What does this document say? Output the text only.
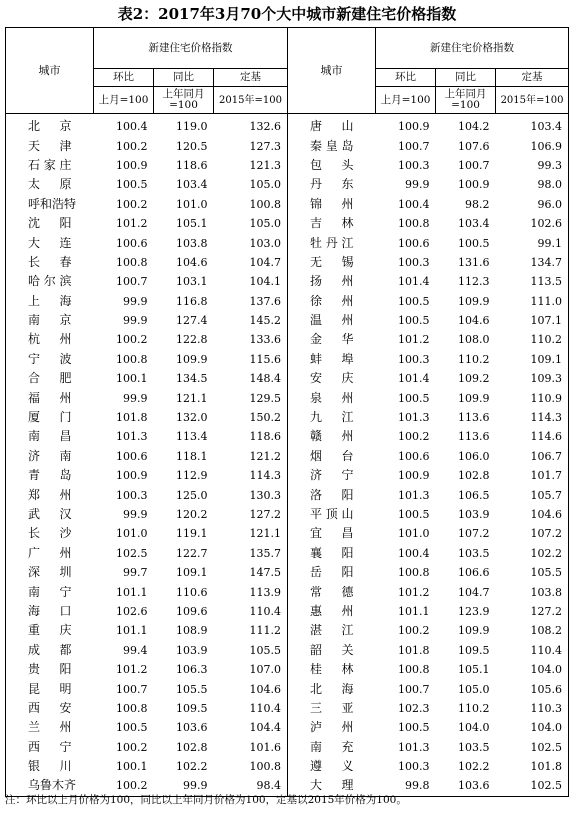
表2：2017年3月70个大中城市新建住宅价格指数
城市	新建住宅价格指数			城市	新建住宅价格指数		
	环比	同比	定基		环比	同比	定基
	上月=100	上年同月=100	2015年=100		上月=100	上年同月=100	2015年=100
北京	100.4	119.0	132.6	唐山	100.9	104.2	103.4
天津	100.2	120.5	127.3	秦皇岛	100.7	107.6	106.9
石家庄	100.9	118.6	121.3	包头	100.3	100.7	99.3
太原	100.5	103.4	105.0	丹东	99.9	100.9	98.0
呼和浩特	100.2	101.0	100.8	锦州	100.4	98.2	96.0
沈阳	101.2	105.1	105.0	吉林	100.8	103.4	102.6
大连	100.6	103.8	103.0	牡丹江	100.6	100.5	99.1
长春	100.8	104.6	104.7	无锡	100.3	131.6	134.7
哈尔滨	100.7	103.1	104.1	扬州	101.4	112.3	113.5
上海	99.9	116.8	137.6	徐州	100.5	109.9	111.0
南京	99.9	127.4	145.2	温州	100.5	104.6	107.1
杭州	100.2	122.8	133.6	金华	101.2	108.0	110.2
宁波	100.8	109.9	115.6	蚌埠	100.3	110.2	109.1
合肥	100.1	134.5	148.4	安庆	101.4	109.2	109.3
福州	99.9	121.1	129.5	泉州	100.5	109.9	110.9
厦门	101.8	132.0	150.2	九江	101.3	113.6	114.3
南昌	101.3	113.4	118.6	赣州	100.2	113.6	114.6
济南	100.6	118.1	121.2	烟台	100.6	106.0	106.7
青岛	100.9	112.9	114.3	济宁	100.9	102.8	101.7
郑州	100.3	125.0	130.3	洛阳	101.3	106.5	105.7
武汉	99.9	120.2	127.2	平顶山	100.5	103.9	104.6
长沙	101.0	119.1	121.1	宜昌	101.0	107.2	107.2
广州	102.5	122.7	135.7	襄阳	100.4	103.5	102.2
深圳	99.7	109.1	147.5	岳阳	100.8	106.6	105.5
南宁	101.1	110.6	113.9	常德	101.2	104.7	103.8
海口	102.6	109.6	110.4	惠州	101.1	123.9	127.2
重庆	101.1	108.9	111.2	湛江	100.2	109.9	108.2
成都	99.4	103.9	105.5	韶关	101.8	109.5	110.4
贵阳	101.2	106.3	107.0	桂林	100.8	105.1	104.0
昆明	100.7	105.5	104.6	北海	100.7	105.0	105.6
西安	100.8	109.5	110.4	三亚	102.3	110.2	110.3
兰州	100.5	103.6	104.4	泸州	100.5	104.0	104.0
西宁	100.2	102.8	101.6	南充	101.3	103.5	102.5
银川	100.1	102.2	100.8	遵义	100.3	102.2	101.8
乌鲁木齐	100.2	99.9	98.4	大理	99.8	103.6	102.5
注：环比以上月价格为100，同比以上年同月价格为100，定基以2015年价格为100。
